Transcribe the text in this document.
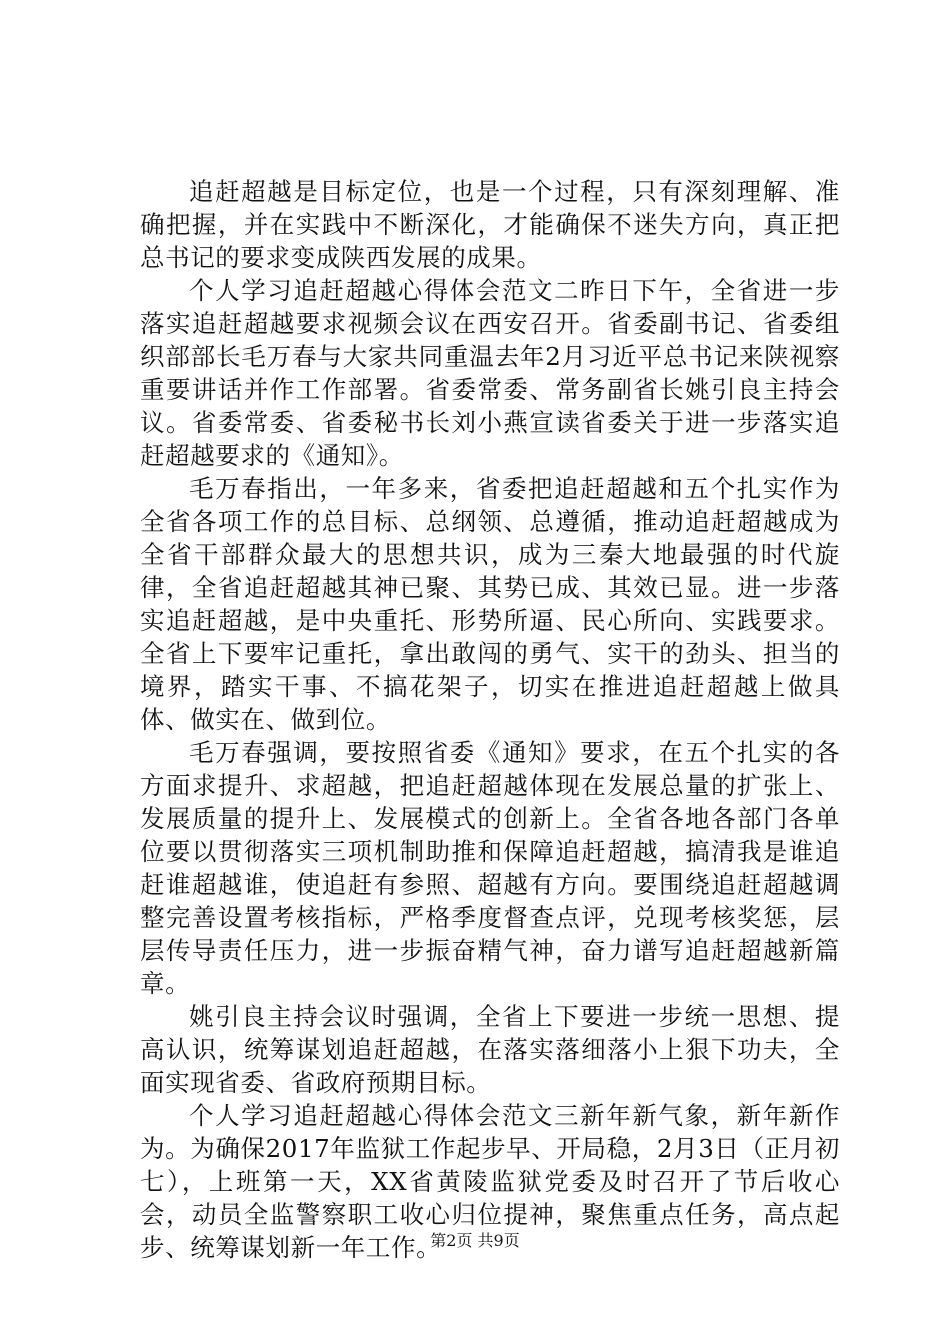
追赶超越是目标定位，也是一个过程，只有深刻理解、准确把握，并在实践中不断深化，才能确保不迷失方向，真正把总书记的要求变成陕西发展的成果。

个人学习追赶超越心得体会范文二昨日下午，全省进一步落实追赶超越要求视频会议在西安召开。省委副书记、省委组织部部长毛万春与大家共同重温去年2月习近平总书记来陕视察重要讲话并作工作部署。省委常委、常务副省长姚引良主持会议。省委常委、省委秘书长刘小燕宣读省委关于进一步落实追赶超越要求的《通知》。

毛万春指出，一年多来，省委把追赶超越和五个扎实作为全省各项工作的总目标、总纲领、总遵循，推动追赶超越成为全省干部群众最大的思想共识，成为三秦大地最强的时代旋律，全省追赶超越其神已聚、其势已成、其效已显。进一步落实追赶超越，是中央重托、形势所逼、民心所向、实践要求。全省上下要牢记重托，拿出敢闯的勇气、实干的劲头、担当的境界，踏实干事、不搞花架子，切实在推进追赶超越上做具体、做实在、做到位。

毛万春强调，要按照省委《通知》要求，在五个扎实的各方面求提升、求超越，把追赶超越体现在发展总量的扩张上、发展质量的提升上、发展模式的创新上。全省各地各部门各单位要以贯彻落实三项机制助推和保障追赶超越，搞清我是谁追赶谁超越谁，使追赶有参照、超越有方向。要围绕追赶超越调整完善设置考核指标，严格季度督查点评，兑现考核奖惩，层层传导责任压力，进一步振奋精气神，奋力谱写追赶超越新篇章。

姚引良主持会议时强调，全省上下要进一步统一思想、提高认识，统筹谋划追赶超越，在落实落细落小上狠下功夫，全面实现省委、省政府预期目标。

个人学习追赶超越心得体会范文三新年新气象，新年新作为。为确保2017年监狱工作起步早、开局稳，2月3日（正月初七），上班第一天，XX省黄陵监狱党委及时召开了节后收心会，动员全监警察职工收心归位提神，聚焦重点任务，高点起步、统筹谋划新一年工作。

第2页 共9页
